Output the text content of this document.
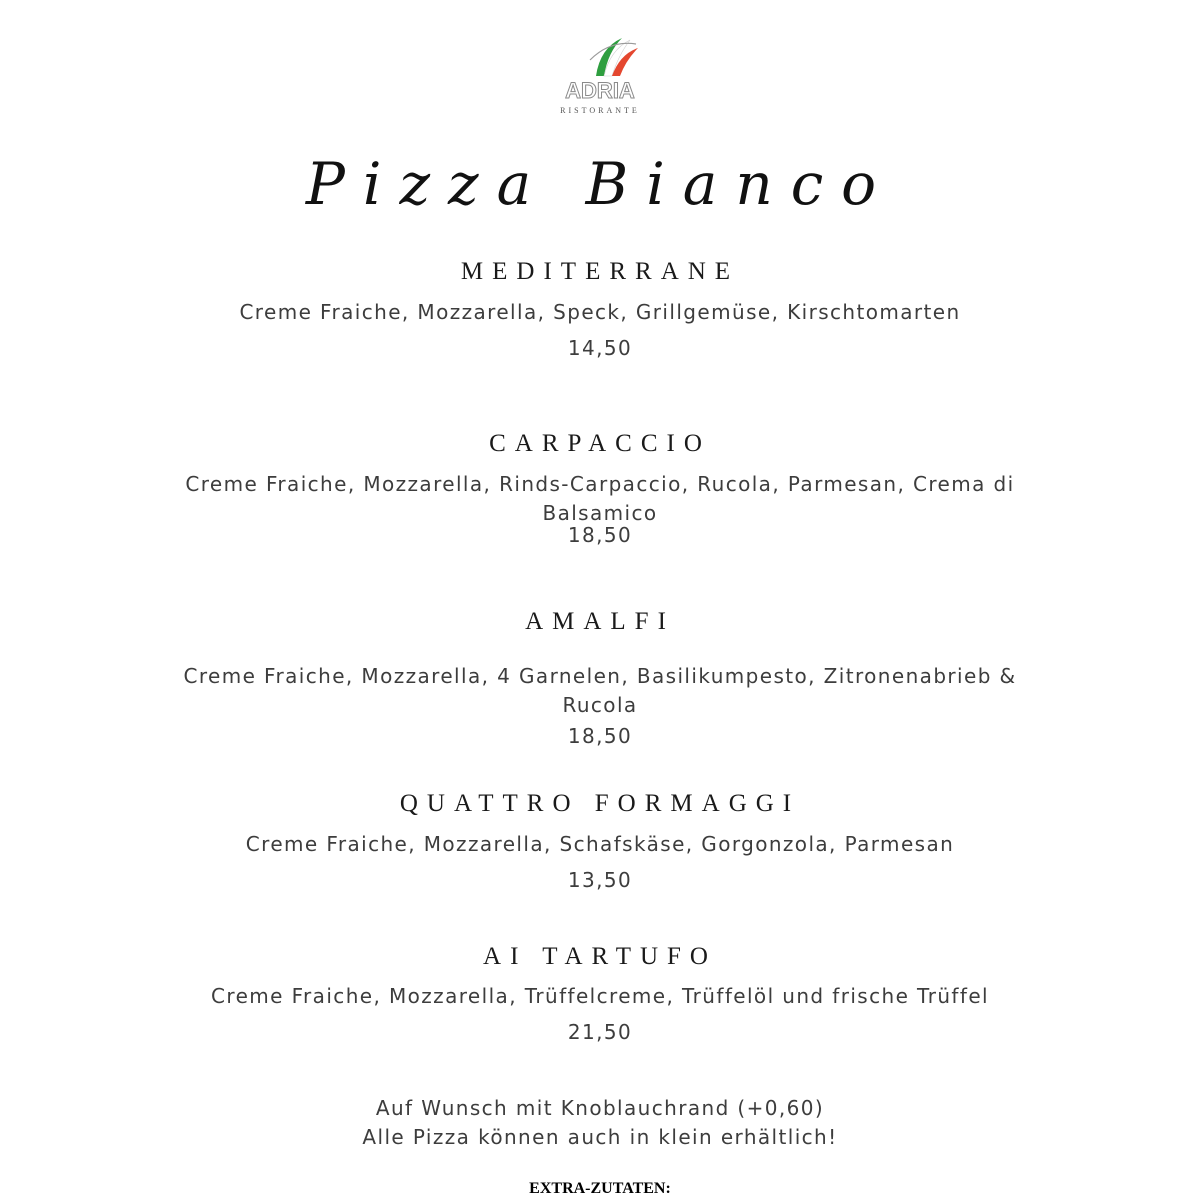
ADRIA
RISTORANTE
Pizza Bianco
MEDITERRANE
Creme Fraiche, Mozzarella, Speck, Grillgemüse, Kirschtomarten
14,50
CARPACCIO
Creme Fraiche, Mozzarella, Rinds-Carpaccio, Rucola, Parmesan, Crema di Balsamico
18,50
AMALFI
Creme Fraiche, Mozzarella, 4 Garnelen, Basilikumpesto, Zitronenabrieb & Rucola
18,50
QUATTRO FORMAGGI
Creme Fraiche, Mozzarella, Schafskäse, Gorgonzola, Parmesan
13,50
AI TARTUFO
Creme Fraiche, Mozzarella, Trüffelcreme, Trüffelöl und frische Trüffel
21,50
Auf Wunsch mit Knoblauchrand (+0,60)
Alle Pizza können auch in klein erhältlich!
EXTRA-ZUTATEN:
